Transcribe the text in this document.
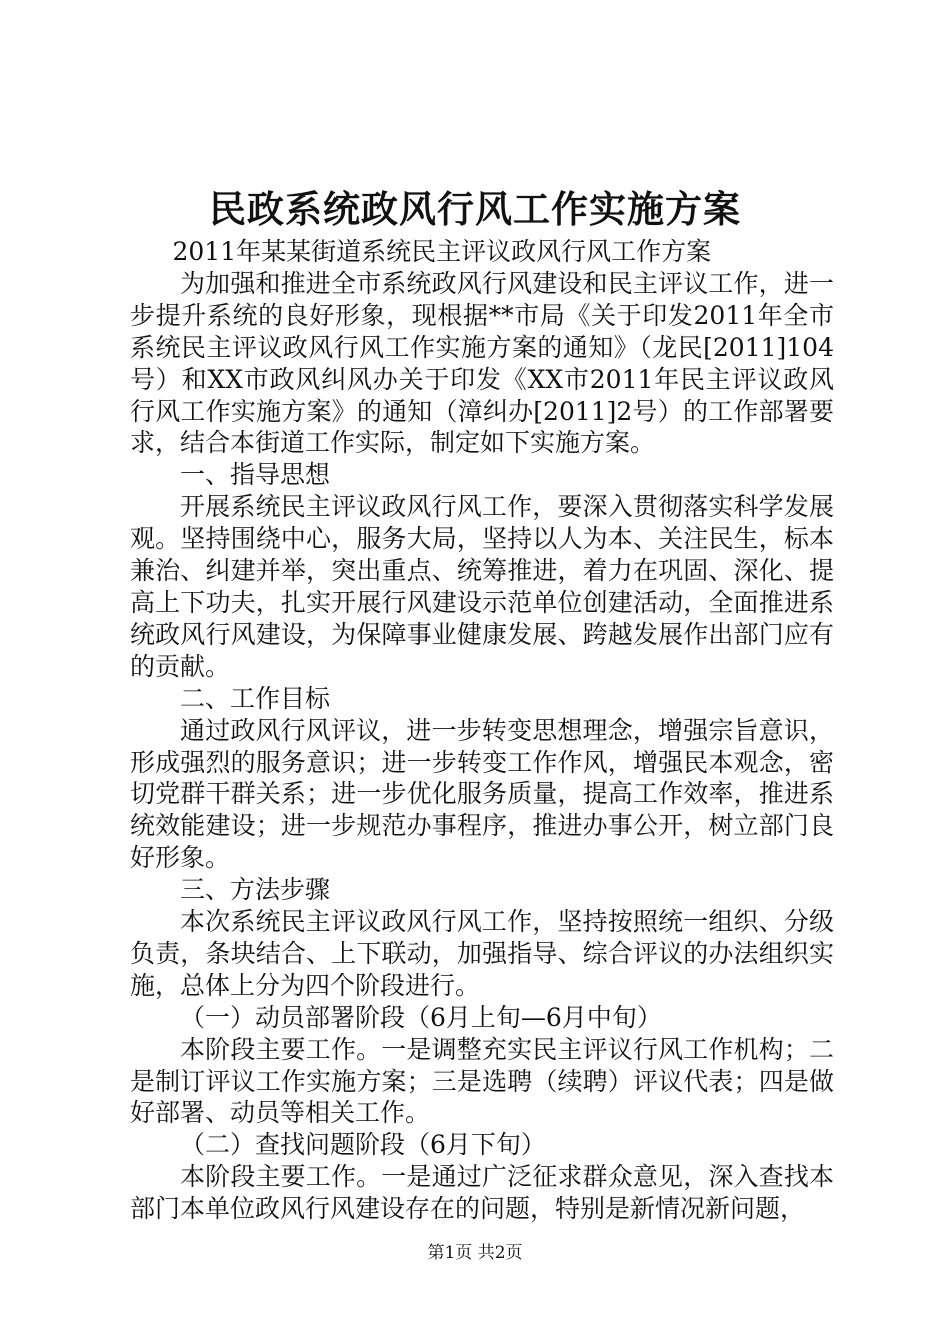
民政系统政风行风工作实施方案

2011年某某街道系统民主评议政风行风工作方案

为加强和推进全市系统政风行风建设和民主评议工作，进一步提升系统的良好形象，现根据**市局《关于印发2011年全市系统民主评议政风行风工作实施方案的通知》（龙民[2011]104号）和XX市政风纠风办关于印发《XX市2011年民主评议政风行风工作实施方案》的通知（漳纠办[2011]2号）的工作部署要求，结合本街道工作实际，制定如下实施方案。

一、指导思想

开展系统民主评议政风行风工作，要深入贯彻落实科学发展观。坚持围绕中心，服务大局，坚持以人为本、关注民生，标本兼治、纠建并举，突出重点、统筹推进，着力在巩固、深化、提高上下功夫，扎实开展行风建设示范单位创建活动，全面推进系统政风行风建设，为保障事业健康发展、跨越发展作出部门应有的贡献。

二、工作目标

通过政风行风评议，进一步转变思想理念，增强宗旨意识，形成强烈的服务意识；进一步转变工作作风，增强民本观念，密切党群干群关系；进一步优化服务质量，提高工作效率，推进系统效能建设；进一步规范办事程序，推进办事公开，树立部门良好形象。

三、方法步骤

本次系统民主评议政风行风工作，坚持按照统一组织、分级负责，条块结合、上下联动，加强指导、综合评议的办法组织实施，总体上分为四个阶段进行。

（一）动员部署阶段（6月上旬—6月中旬）

本阶段主要工作。一是调整充实民主评议行风工作机构；二是制订评议工作实施方案；三是选聘（续聘）评议代表；四是做好部署、动员等相关工作。

（二）查找问题阶段（6月下旬）

本阶段主要工作。一是通过广泛征求群众意见，深入查找本部门本单位政风行风建设存在的问题，特别是新情况新问题，

第1页 共2页
